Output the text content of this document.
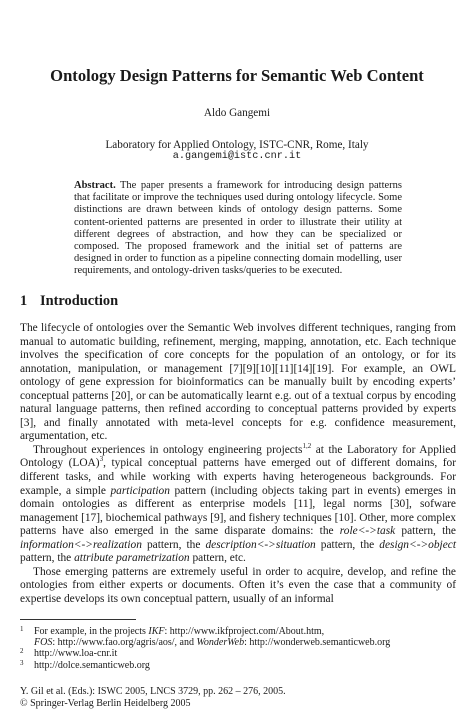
Ontology Design Patterns for Semantic Web Content
Aldo Gangemi
Laboratory for Applied Ontology, ISTC-CNR, Rome, Italy
a.gangemi@istc.cnr.it
Abstract. The paper presents a framework for introducing design patterns that facilitate or improve the techniques used during ontology lifecycle. Some distinctions are drawn between kinds of ontology design patterns. Some content-oriented patterns are presented in order to illustrate their utility at different degrees of abstraction, and how they can be specialized or composed. The proposed framework and the initial set of patterns are designed in order to function as a pipeline connecting domain modelling, user requirements, and ontology-driven tasks/queries to be executed.
1 Introduction

The lifecycle of ontologies over the Semantic Web involves different techniques, ranging from manual to automatic building, refinement, merging, mapping, annotation, etc. Each technique involves the specification of core concepts for the population of an ontology, or for its annotation, manipulation, or management [7][9][10][11][14][19]. For example, an OWL ontology of gene expression for bioinformatics can be manually built by encoding experts’ conceptual patterns [20], or can be automatically learnt e.g. out of a textual corpus by encoding natural language patterns, then refined according to conceptual patterns provided by experts [3], and finally annotated with meta-level concepts for e.g. confidence measurement, argumentation, etc.

Throughout experiences in ontology engineering projects$^{1,2}$ at the Laboratory for Applied Ontology (LOA)$^3$, typical conceptual patterns have emerged out of different domains, for different tasks, and while working with experts having heterogeneous backgrounds. For example, a simple participation pattern (including objects taking part in events) emerges in domain ontologies as different as enterprise models [11], legal norms [30], sofware management [17], biochemical pathways [9], and fishery techniques [10]. Other, more complex patterns have also emerged in the same disparate domains: the role<->task pattern, the information<->realization pattern, the description<->situation pattern, the design<->object pattern, the attribute parametrization pattern, etc.

Those emerging patterns are extremely useful in order to acquire, develop, and refine the ontologies from either experts or documents. Often it’s even the case that a community of expertise develops its own conceptual pattern, usually of an informal

1 For example, in the projects IKF: http://www.ikfproject.com/About.htm,
FOS: http://www.fao.org/agris/aos/, and WonderWeb: http://wonderweb.semanticweb.org
2 http://www.loa-cnr.it
3 http://dolce.semanticweb.org
Y. Gil et al. (Eds.): ISWC 2005, LNCS 3729, pp. 262 – 276, 2005.
© Springer-Verlag Berlin Heidelberg 2005
